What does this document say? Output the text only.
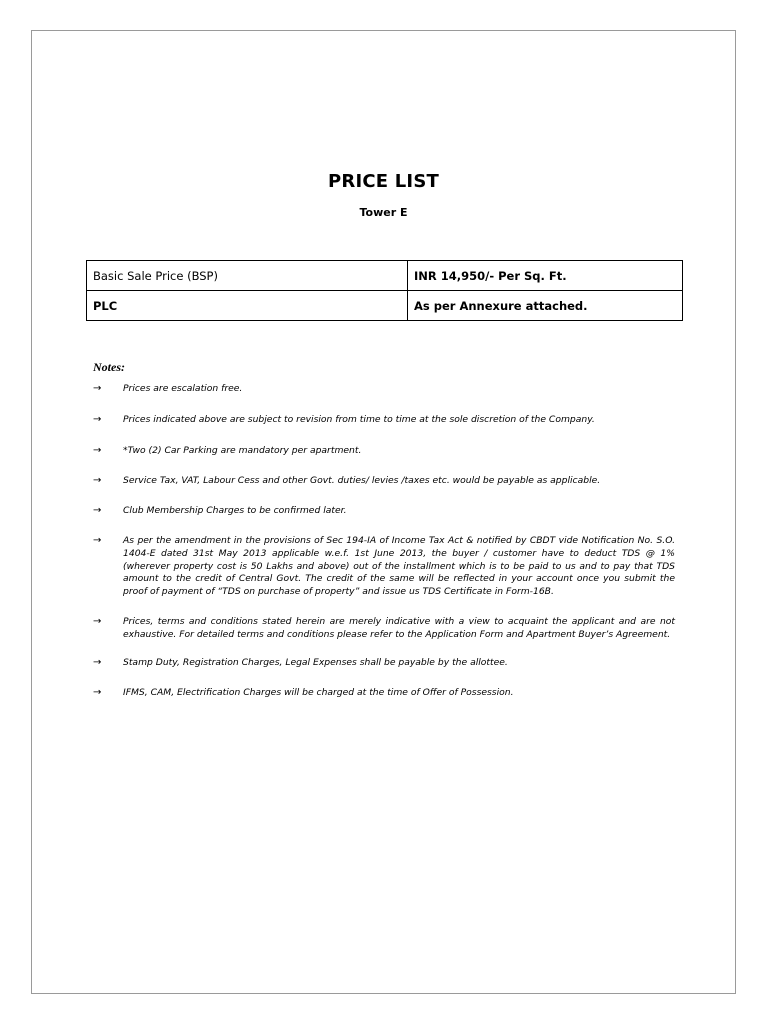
PRICE LIST
Tower E
Basic Sale Price (BSP)	INR 14,950/- Per Sq. Ft.
PLC	As per Annexure attached.
Notes:
→	Prices are escalation free.
→	Prices indicated above are subject to revision from time to time at the sole discretion of the Company.
→	*Two (2) Car Parking are mandatory per apartment.
→	Service Tax, VAT, Labour Cess and other Govt. duties/ levies /taxes etc. would be payable as applicable.
→	Club Membership Charges to be confirmed later.
→	As per the amendment in the provisions of Sec 194-IA of Income Tax Act & notified by CBDT vide Notification No. S.O. 1404-E dated 31st May 2013 applicable w.e.f. 1st June 2013, the buyer / customer have to deduct TDS @ 1% (wherever property cost is 50 Lakhs and above) out of the installment which is to be paid to us and to pay that TDS amount to the credit of Central Govt. The credit of the same will be reflected in your account once you submit the proof of payment of “TDS on purchase of property” and issue us TDS Certificate in Form-16B.
→	Prices, terms and conditions stated herein are merely indicative with a view to acquaint the applicant and are not exhaustive. For detailed terms and conditions please refer to the Application Form and Apartment Buyer’s Agreement.
→	Stamp Duty, Registration Charges, Legal Expenses shall be payable by the allottee.
→	IFMS, CAM, Electrification Charges will be charged at the time of Offer of Possession.
